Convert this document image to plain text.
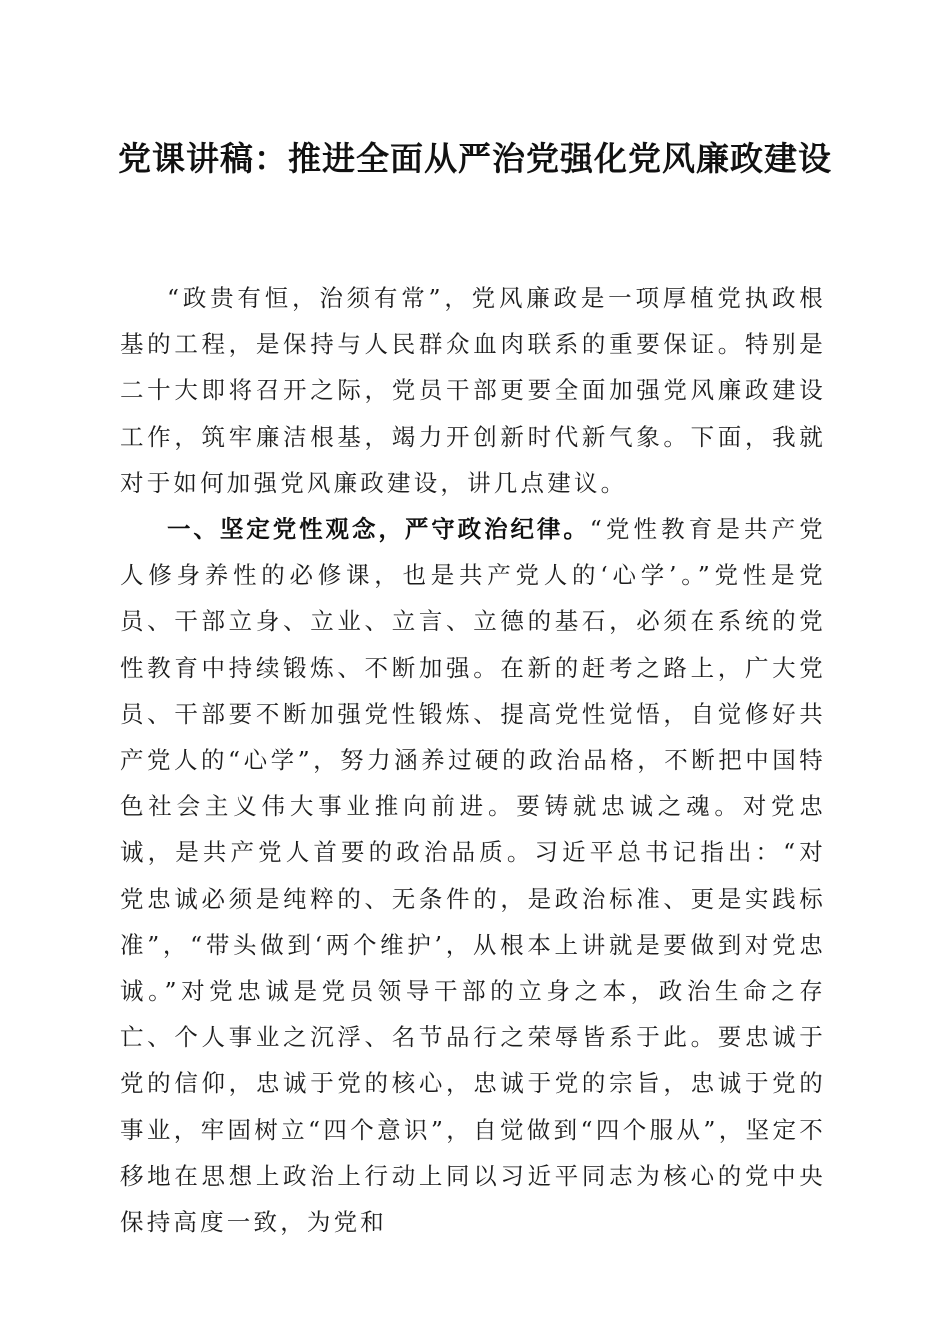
党课讲稿：推进全面从严治党强化党风廉政建设

“政贵有恒，治须有常”，党风廉政是一项厚植党执政根基的工程，是保持与人民群众血肉联系的重要保证。特别是二十大即将召开之际，党员干部更要全面加强党风廉政建设工作，筑牢廉洁根基，竭力开创新时代新气象。下面，我就对于如何加强党风廉政建设，讲几点建议。

一、坚定党性观念，严守政治纪律。“党性教育是共产党人修身养性的必修课，也是共产党人的‘心学’。”党性是党员、干部立身、立业、立言、立德的基石，必须在系统的党性教育中持续锻炼、不断加强。在新的赶考之路上，广大党员、干部要不断加强党性锻炼、提高党性觉悟，自觉修好共产党人的“心学”，努力涵养过硬的政治品格，不断把中国特色社会主义伟大事业推向前进。要铸就忠诚之魂。对党忠诚，是共产党人首要的政治品质。习近平总书记指出：“对党忠诚必须是纯粹的、无条件的，是政治标准、更是实践标准”，“带头做到‘两个维护’，从根本上讲就是要做到对党忠诚。”对党忠诚是党员领导干部的立身之本，政治生命之存亡、个人事业之沉浮、名节品行之荣辱皆系于此。要忠诚于党的信仰，忠诚于党的核心，忠诚于党的宗旨，忠诚于党的事业，牢固树立“四个意识”，自觉做到“四个服从”，坚定不移地在思想上政治上行动上同以习近平同志为核心的党中央保持高度一致，为党和
